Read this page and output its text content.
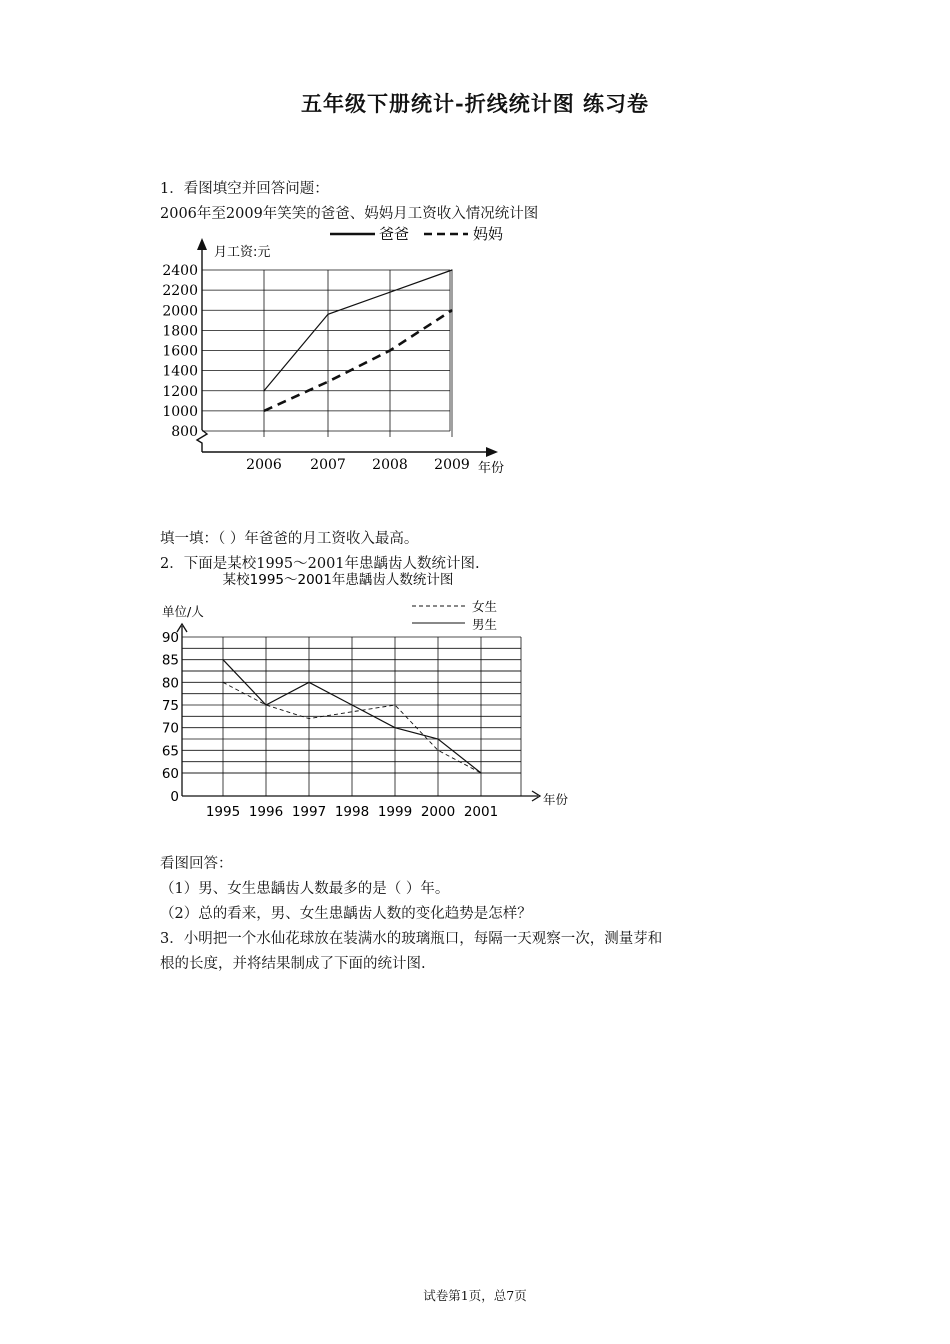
五年级下册统计-折线统计图 练习卷
1．看图填空并回答问题：
2006年至2009年笑笑的爸爸、妈妈月工资收入情况统计图
2400
2200
2000
1800
1600
1400
1200
1000
800
2006 2007 2008 2009
月工资:元
年份
爸爸	妈妈
填一填：（ ）年爸爸的月工资收入最高。
2．下面是某校1995～2001年患龋齿人数统计图.
某校1995～2001年患龋齿人数统计图
单位/人
年份
女生
男生
90
85
80
75
70
65
60
0
1995 1996 1997 1998 1999 2000 2001
看图回答：
（1）男、女生患龋齿人数最多的是（ ）年。
（2）总的看来，男、女生患龋齿人数的变化趋势是怎样？
3．小明把一个水仙花球放在装满水的玻璃瓶口，每隔一天观察一次，测量芽和
根的长度，并将结果制成了下面的统计图.
试卷第1页，总7页
